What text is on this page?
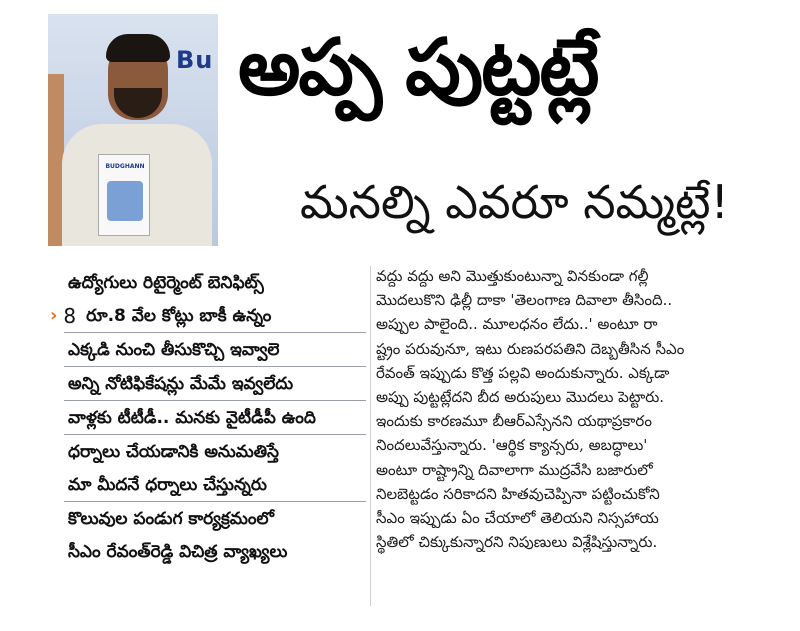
Bu
BUDGHANN
అప్ప పుట్టట్లే
మనల్ని ఎవరూ నమ్మట్లే!
ఉద్యోగులు రిటైర్మెంట్ బెనిఫిట్స్
› 8 రూ.8 వేల కోట్లు బాకీ ఉన్నం
ఎక్కడి నుంచి తీసుకొచ్చి ఇవ్వాలె
అన్ని నోటిఫికేషన్లు మేమే ఇవ్వలేదు
వాళ్లకు టీటీడీ.. మనకు వైటీడీపీ ఉంది
ధర్నాలు చేయడానికి అనుమతిస్తే
మా మీదనే ధర్నాలు చేస్తున్నరు
కొలువుల పండుగ కార్యక్రమంలో
సీఎం రేవంత్‌రెడ్డి విచిత్ర వ్యాఖ్యలు
వద్దు వద్దు అని మొత్తుకుంటున్నా వినకుండా గల్లీ
మొదలుకొని ఢిల్లీ దాకా 'తెలంగాణ దివాలా తీసింది..
అప్పుల పాలైంది.. మూలధనం లేదు..' అంటూ రా
ష్ట్రం పరువునూ, ఇటు రుణపరపతిని దెబ్బతీసిన సీఎం
రేవంత్ ఇప్పుడు కొత్త పల్లవి అందుకున్నారు. ఎక్కడా
అప్పు పుట్టట్లేదని బీద అరుపులు మొదలు పెట్టారు.
ఇందుకు కారణమూ బీఆర్‌ఎస్సేనని యథాప్రకారం
నిందలువేస్తున్నారు. 'ఆర్థిక క్యాన్సరు, అబద్ధాలు'
అంటూ రాష్ట్రాన్ని దివాలాగా ముద్రవేసి బజారులో
నిలబెట్టడం సరికాదని హితవుచెప్పినా పట్టించుకోని
సీఎం ఇప్పుడు ఏం చేయాలో తెలియని నిస్సహాయ
స్థితిలో చిక్కుకున్నారని నిపుణులు విశ్లేషిస్తున్నారు.
